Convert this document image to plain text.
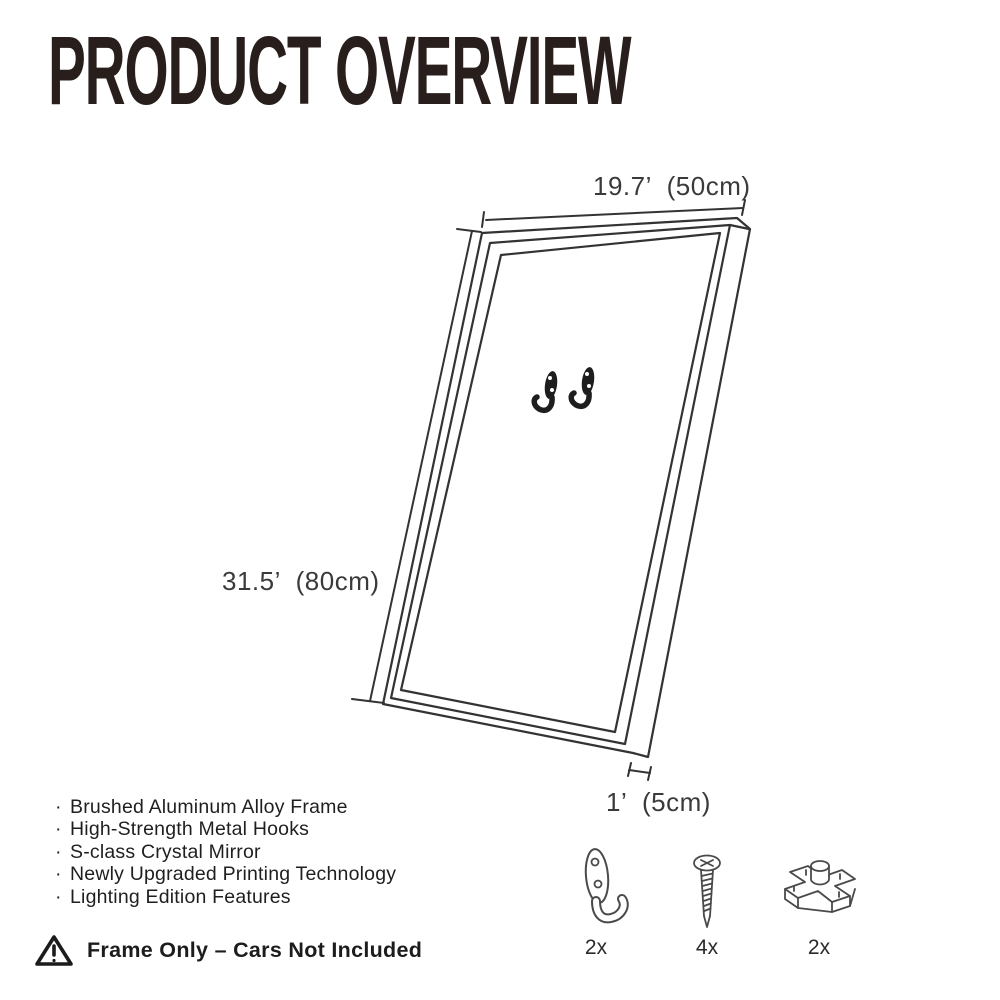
PRODUCT OVERVIEW
19.7’ (50cm)
31.5’ (80cm)
1’ (5cm)
· Brushed Aluminum Alloy Frame
· High-Strength Metal Hooks
· S-class Crystal Mirror
· Newly Upgraded Printing Technology
· Lighting Edition Features
Frame Only – Cars Not Included	2x	4x	2x
